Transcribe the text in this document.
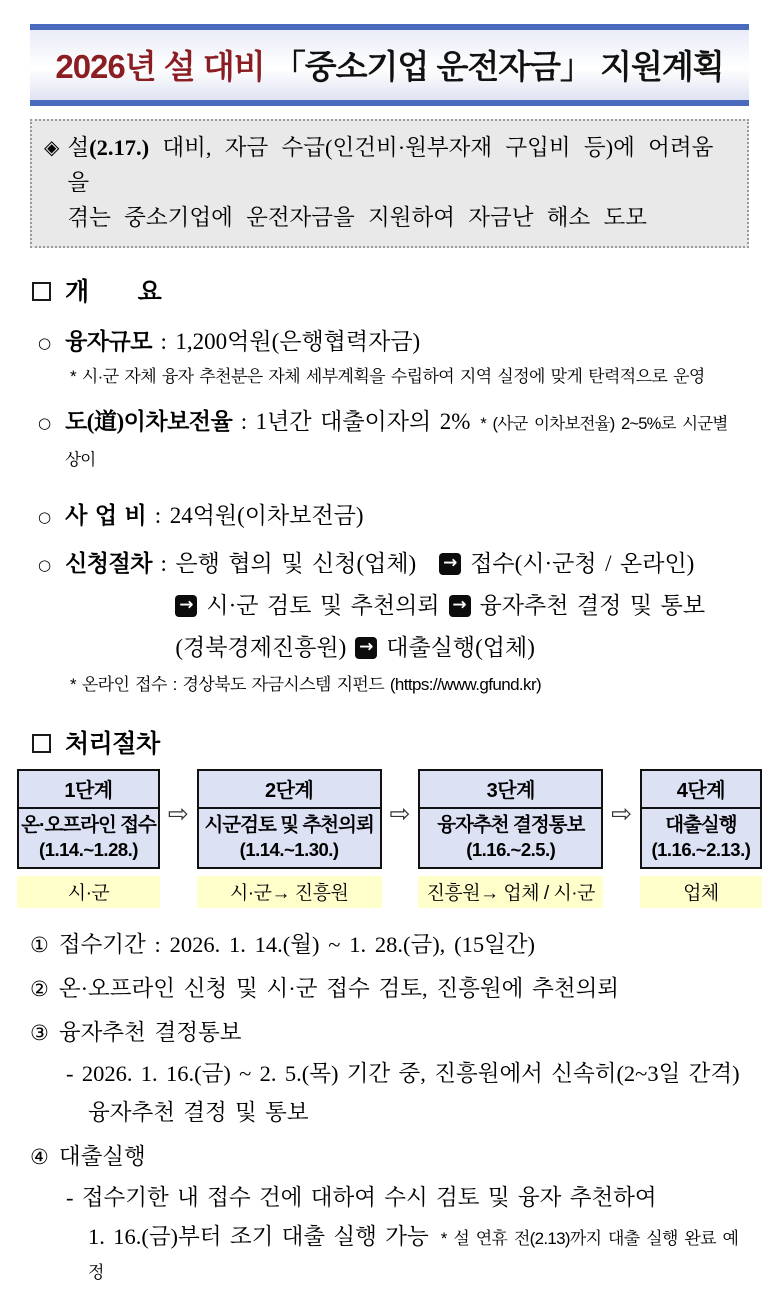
2026년 설 대비 「중소기업 운전자금」 지원계획
◈ 설(2.17.) 대비, 자금 수급(인건비·원부자재 구입비 등)에 어려움을
겪는 중소기업에 운전자금을 지원하여 자금난 해소 도모
개　　요
○ 융자규모 : 1,200억원(은행협력자금)
* 시·군 자체 융자 추천분은 자체 세부계획을 수립하여 지역 실정에 맞게 탄력적으로 운영
○ 도(道)이차보전율 : 1년간 대출이자의 2% * (사군 이차보전율) 2~5%로 시군별 상이
○ 사 업 비 : 24억원(이차보전금)
○ 신청절차 : 은행 협의 및 신청(업체) → 접수(시·군청 / 온라인)
→ 시·군 검토 및 추천의뢰 → 융자추천 결정 및 통보
(경북경제진흥원) → 대출실행(업체)
* 온라인 접수 : 경상북도 자금시스템 지펀드 (https://www.gfund.kr)
처리절차
1단계
온·오프라인 접수
(1.14.~1.28.)
시·군
⇨
2단계
시군검토 및 추천의뢰
(1.14.~1.30.)
시·군→ 진흥원
⇨
3단계
융자추천 결정통보
(1.16.~2.5.)
진흥원→ 업체 / 시·군
⇨
4단계
대출실행
(1.16.~2.13.)
업체
① 접수기간 : 2026. 1. 14.(월) ~ 1. 28.(금), (15일간)
② 온·오프라인 신청 및 시·군 접수 검토, 진흥원에 추천의뢰
③ 융자추천 결정통보
- 2026. 1. 16.(금) ~ 2. 5.(목) 기간 중, 진흥원에서 신속히(2~3일 간격)
융자추천 결정 및 통보
④ 대출실행
- 접수기한 내 접수 건에 대하여 수시 검토 및 융자 추천하여
1. 16.(금)부터 조기 대출 실행 가능 * 설 연휴 전(2.13)까지 대출 실행 완료 예정
